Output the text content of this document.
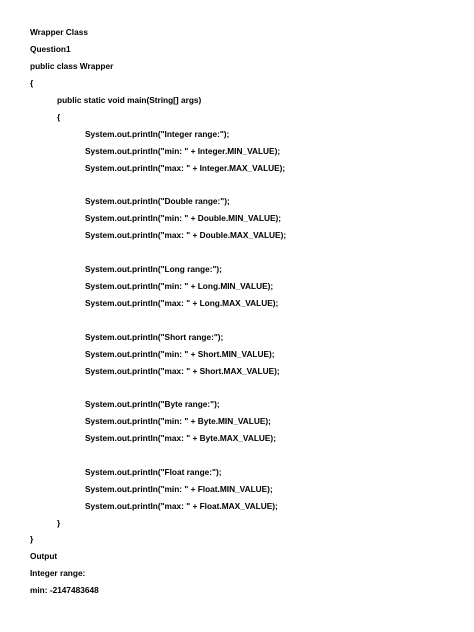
Wrapper Class
Question1
public class Wrapper
{
public static void main(String[] args)
{
System.out.println("Integer range:");
System.out.println("min: " + Integer.MIN_VALUE);
System.out.println("max: " + Integer.MAX_VALUE);
System.out.println("Double range:");
System.out.println("min: " + Double.MIN_VALUE);
System.out.println("max: " + Double.MAX_VALUE);
System.out.println("Long range:");
System.out.println("min: " + Long.MIN_VALUE);
System.out.println("max: " + Long.MAX_VALUE);
System.out.println("Short range:");
System.out.println("min: " + Short.MIN_VALUE);
System.out.println("max: " + Short.MAX_VALUE);
System.out.println("Byte range:");
System.out.println("min: " + Byte.MIN_VALUE);
System.out.println("max: " + Byte.MAX_VALUE);
System.out.println("Float range:");
System.out.println("min: " + Float.MIN_VALUE);
System.out.println("max: " + Float.MAX_VALUE);
}
}
Output
Integer range:
min: -2147483648
